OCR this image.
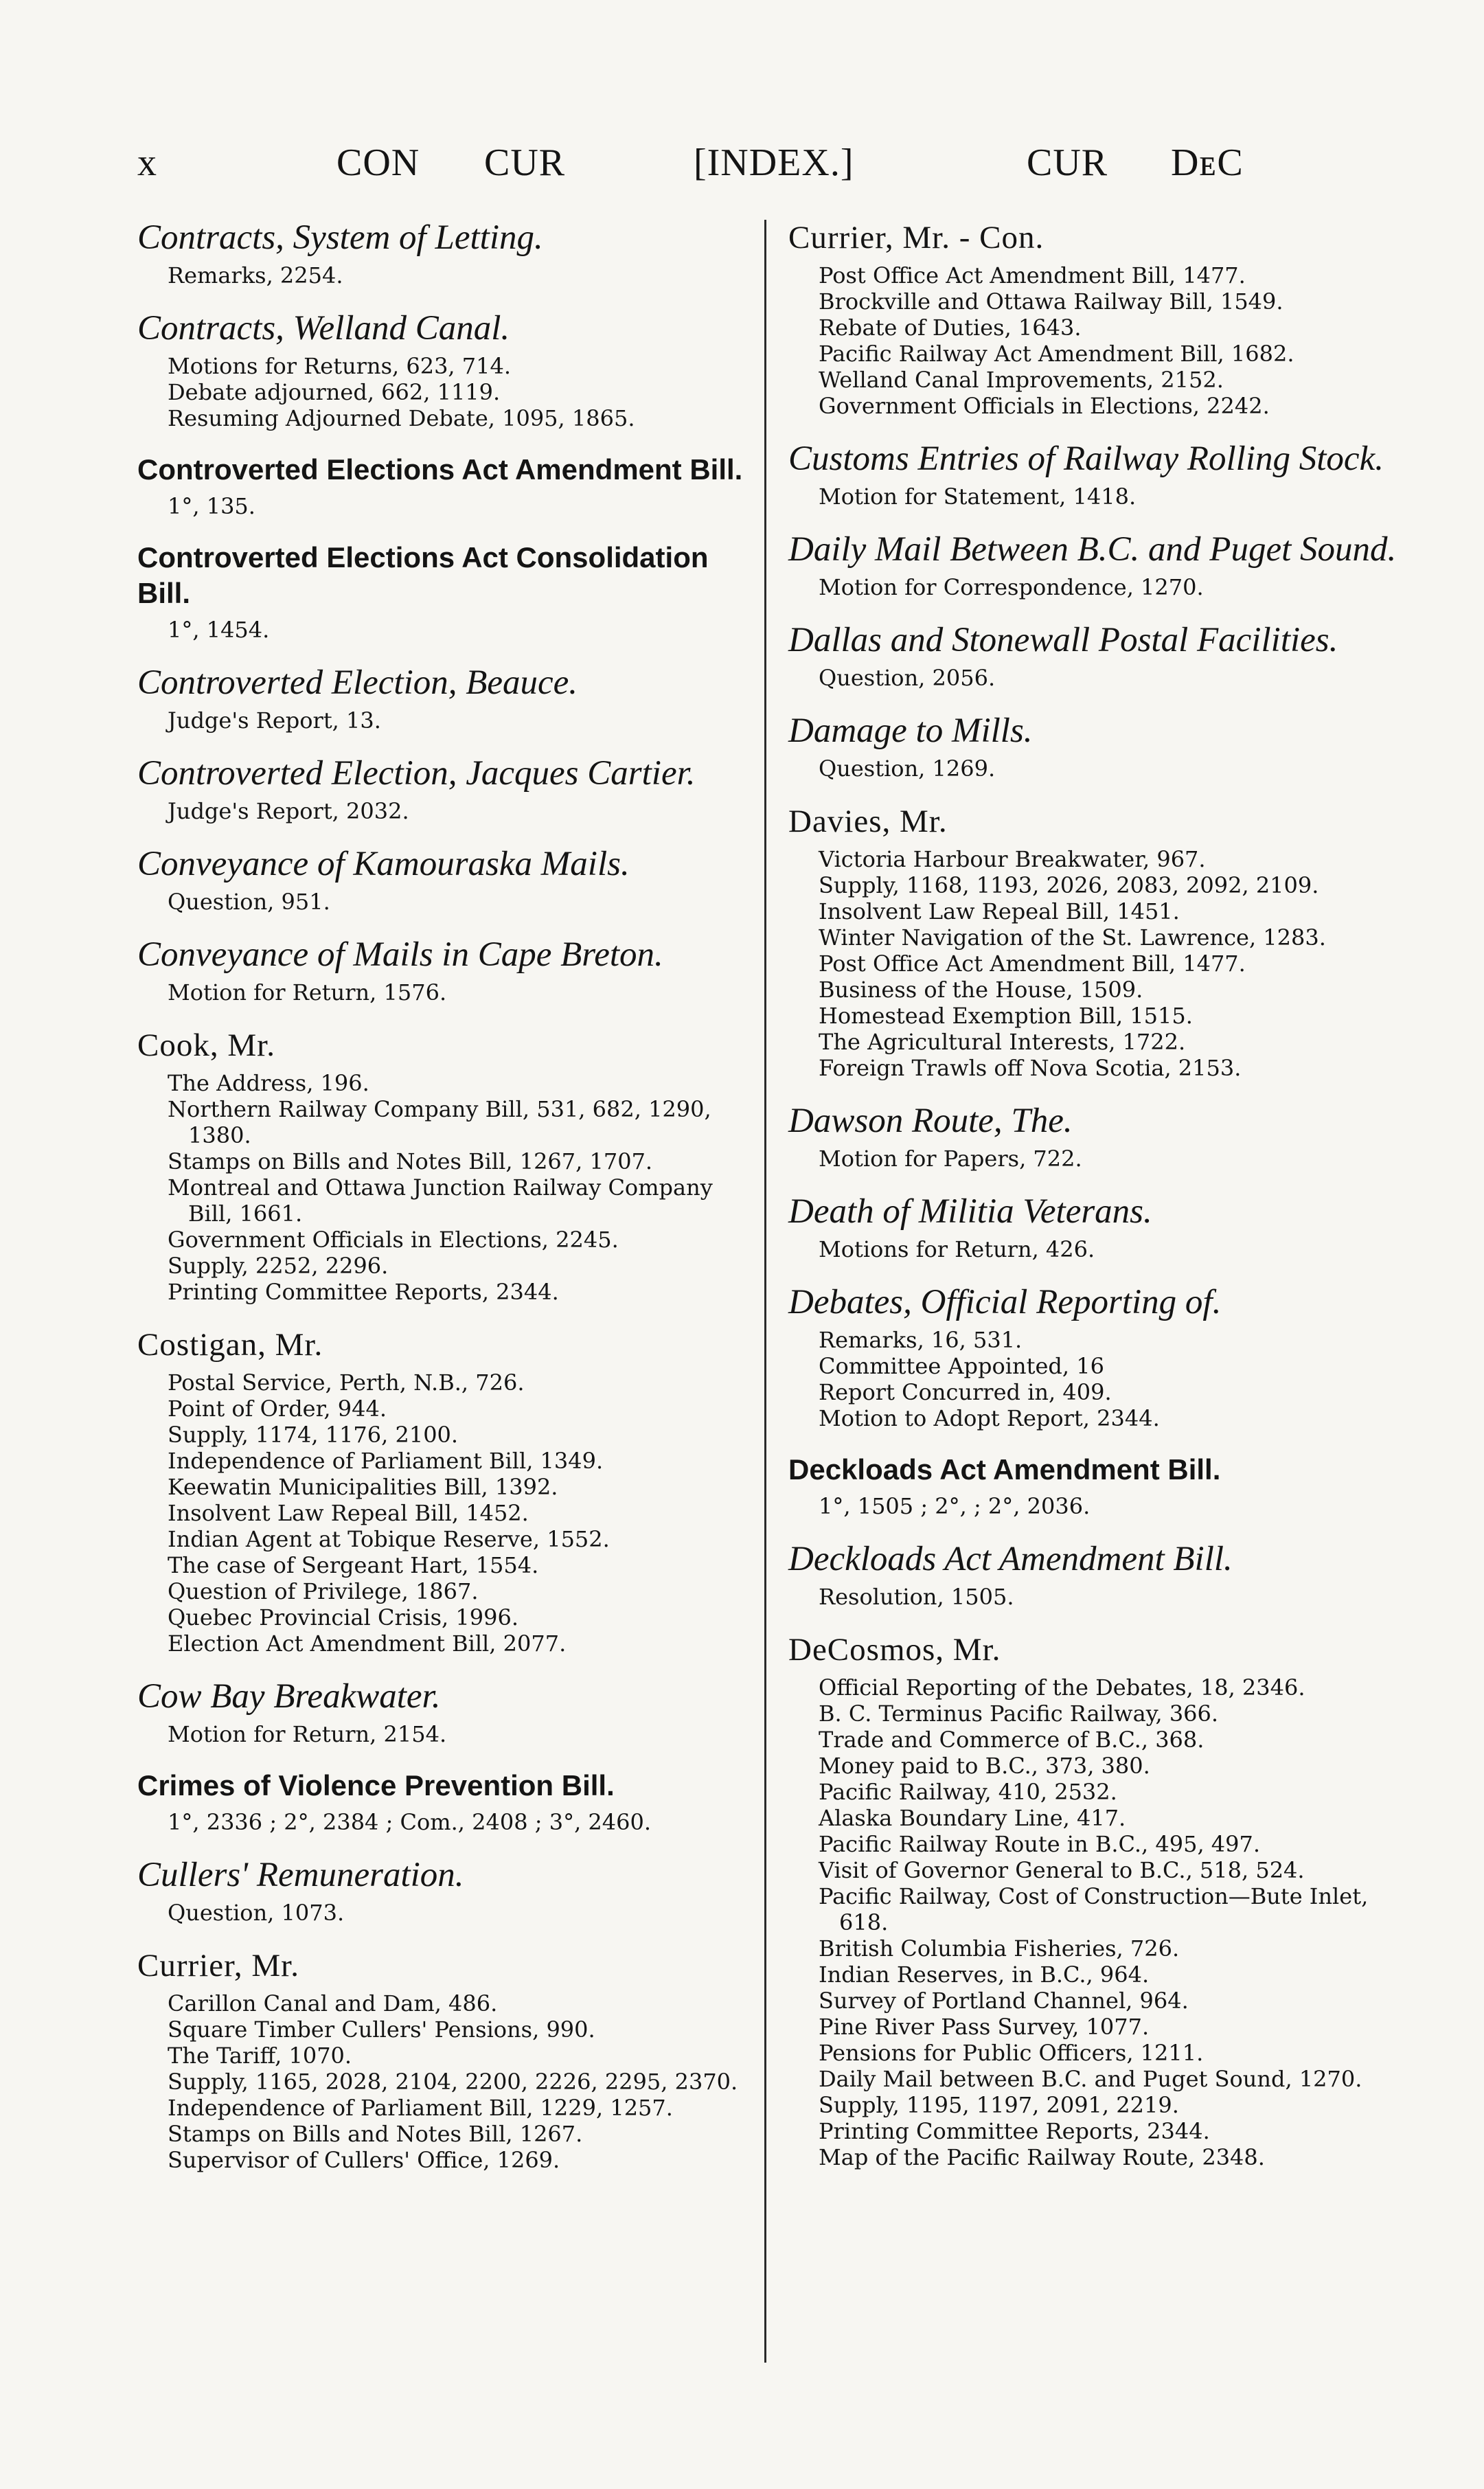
x	CON CUR	[INDEX.]	CUR DᴇC
Contracts, System of Letting.
Remarks, 2254.
Contracts, Welland Canal.
Motions for Returns, 623, 714.
Debate adjourned, 662, 1119.
Resuming Adjourned Debate, 1095, 1865.
Controverted Elections Act Amendment Bill.
1°, 135.
Controverted Elections Act Consolidation Bill.
1°, 1454.
Controverted Election, Beauce.
Judge's Report, 13.
Controverted Election, Jacques Cartier.
Judge's Report, 2032.
Conveyance of Kamouraska Mails.
Question, 951.
Conveyance of Mails in Cape Breton.
Motion for Return, 1576.
Cook, Mr.
The Address, 196.
Northern Railway Company Bill, 531, 682, 1290, 1380.
Stamps on Bills and Notes Bill, 1267, 1707.
Montreal and Ottawa Junction Railway Company Bill, 1661.
Government Officials in Elections, 2245.
Supply, 2252, 2296.
Printing Committee Reports, 2344.
Costigan, Mr.
Postal Service, Perth, N.B., 726.
Point of Order, 944.
Supply, 1174, 1176, 2100.
Independence of Parliament Bill, 1349.
Keewatin Municipalities Bill, 1392.
Insolvent Law Repeal Bill, 1452.
Indian Agent at Tobique Reserve, 1552.
The case of Sergeant Hart, 1554.
Question of Privilege, 1867.
Quebec Provincial Crisis, 1996.
Election Act Amendment Bill, 2077.
Cow Bay Breakwater.
Motion for Return, 2154.
Crimes of Violence Prevention Bill.
1°, 2336 ; 2°, 2384 ; Com., 2408 ; 3°, 2460.
Cullers' Remuneration.
Question, 1073.
Currier, Mr.
Carillon Canal and Dam, 486.
Square Timber Cullers' Pensions, 990.
The Tariff, 1070.
Supply, 1165, 2028, 2104, 2200, 2226, 2295, 2370.
Independence of Parliament Bill, 1229, 1257.
Stamps on Bills and Notes Bill, 1267.
Supervisor of Cullers' Office, 1269.
Currier, Mr. - Con.
Post Office Act Amendment Bill, 1477.
Brockville and Ottawa Railway Bill, 1549.
Rebate of Duties, 1643.
Pacific Railway Act Amendment Bill, 1682.
Welland Canal Improvements, 2152.
Government Officials in Elections, 2242.
Customs Entries of Railway Rolling Stock.
Motion for Statement, 1418.
Daily Mail Between B.C. and Puget Sound.
Motion for Correspondence, 1270.
Dallas and Stonewall Postal Facilities.
Question, 2056.
Damage to Mills.
Question, 1269.
Davies, Mr.
Victoria Harbour Breakwater, 967.
Supply, 1168, 1193, 2026, 2083, 2092, 2109.
Insolvent Law Repeal Bill, 1451.
Winter Navigation of the St. Lawrence, 1283.
Post Office Act Amendment Bill, 1477.
Business of the House, 1509.
Homestead Exemption Bill, 1515.
The Agricultural Interests, 1722.
Foreign Trawls off Nova Scotia, 2153.
Dawson Route, The.
Motion for Papers, 722.
Death of Militia Veterans.
Motions for Return, 426.
Debates, Official Reporting of.
Remarks, 16, 531.
Committee Appointed, 16
Report Concurred in, 409.
Motion to Adopt Report, 2344.
Deckloads Act Amendment Bill.
1°, 1505 ; 2°, ; 2°, 2036.
Deckloads Act Amendment Bill.
Resolution, 1505.
DeCosmos, Mr.
Official Reporting of the Debates, 18, 2346.
B. C. Terminus Pacific Railway, 366.
Trade and Commerce of B.C., 368.
Money paid to B.C., 373, 380.
Pacific Railway, 410, 2532.
Alaska Boundary Line, 417.
Pacific Railway Route in B.C., 495, 497.
Visit of Governor General to B.C., 518, 524.
Pacific Railway, Cost of Construction—Bute Inlet, 618.
British Columbia Fisheries, 726.
Indian Reserves, in B.C., 964.
Survey of Portland Channel, 964.
Pine River Pass Survey, 1077.
Pensions for Public Officers, 1211.
Daily Mail between B.C. and Puget Sound, 1270.
Supply, 1195, 1197, 2091, 2219.
Printing Committee Reports, 2344.
Map of the Pacific Railway Route, 2348.
